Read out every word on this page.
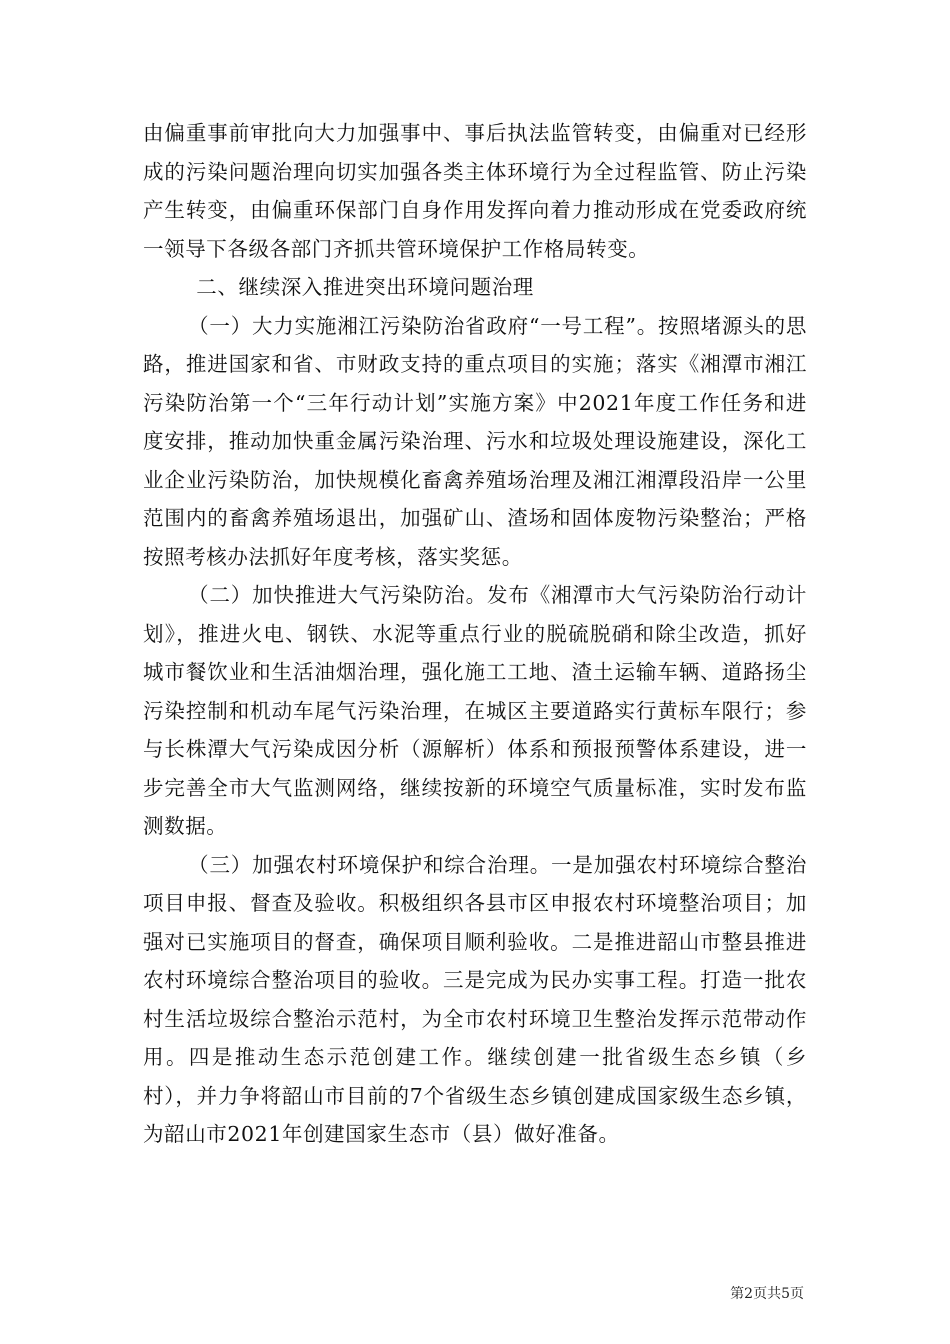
由偏重事前审批向大力加强事中、事后执法监管转变，由偏重对已经形成的污染问题治理向切实加强各类主体环境行为全过程监管、防止污染产生转变，由偏重环保部门自身作用发挥向着力推动形成在党委政府统一领导下各级各部门齐抓共管环境保护工作格局转变。

二、继续深入推进突出环境问题治理

（一）大力实施湘江污染防治省政府“一号工程”。按照堵源头的思路，推进国家和省、市财政支持的重点项目的实施；落实《湘潭市湘江污染防治第一个“三年行动计划”实施方案》中2021年度工作任务和进度安排，推动加快重金属污染治理、污水和垃圾处理设施建设，深化工业企业污染防治，加快规模化畜禽养殖场治理及湘江湘潭段沿岸一公里范围内的畜禽养殖场退出，加强矿山、渣场和固体废物污染整治；严格按照考核办法抓好年度考核，落实奖惩。

（二）加快推进大气污染防治。发布《湘潭市大气污染防治行动计划》，推进火电、钢铁、水泥等重点行业的脱硫脱硝和除尘改造，抓好城市餐饮业和生活油烟治理，强化施工工地、渣土运输车辆、道路扬尘污染控制和机动车尾气污染治理，在城区主要道路实行黄标车限行；参与长株潭大气污染成因分析（源解析）体系和预报预警体系建设，进一步完善全市大气监测网络，继续按新的环境空气质量标准，实时发布监测数据。

（三）加强农村环境保护和综合治理。一是加强农村环境综合整治项目申报、督查及验收。积极组织各县市区申报农村环境整治项目；加强对已实施项目的督查，确保项目顺利验收。二是推进韶山市整县推进农村环境综合整治项目的验收。三是完成为民办实事工程。打造一批农村生活垃圾综合整治示范村，为全市农村环境卫生整治发挥示范带动作用。四是推动生态示范创建工作。继续创建一批省级生态乡镇（乡村），并力争将韶山市目前的7个省级生态乡镇创建成国家级生态乡镇，为韶山市2021年创建国家生态市（县）做好准备。

第2页共5页
